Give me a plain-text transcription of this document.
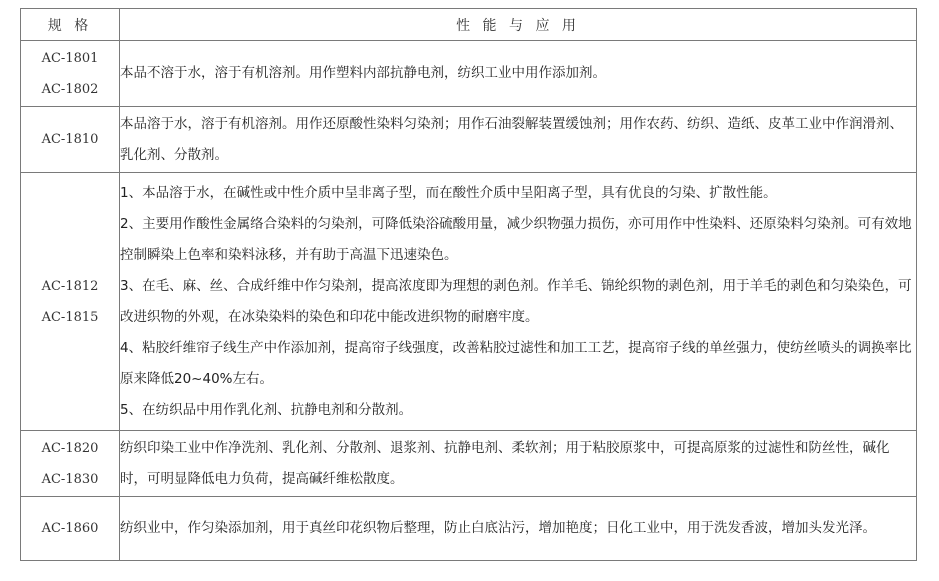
规 格	性 能 与 应 用

AC-1801
AC-1802	本品不溶于水，溶于有机溶剂。用作塑料内部抗静电剂，纺织工业中用作添加剂。

AC-1810	本品溶于水，溶于有机溶剂。用作还原酸性染料匀染剂；用作石油裂解装置缓蚀剂；用作农药、纺织、造纸、皮革工业中作润滑剂、乳化剂、分散剂。

AC-1812
AC-1815	1、本品溶于水，在碱性或中性介质中呈非离子型，而在酸性介质中呈阳离子型，具有优良的匀染、扩散性能。
2、主要用作酸性金属络合染料的匀染剂，可降低染浴硫酸用量，减少织物强力损伤，亦可用作中性染料、还原染料匀染剂。可有效地控制瞬染上色率和染料泳移，并有助于高温下迅速染色。
3、在毛、麻、丝、合成纤维中作匀染剂，提高浓度即为理想的剥色剂。作羊毛、锦纶织物的剥色剂，用于羊毛的剥色和匀染染色，可改进织物的外观，在冰染染料的染色和印花中能改进织物的耐磨牢度。
4、粘胶纤维帘子线生产中作添加剂，提高帘子线强度，改善粘胶过滤性和加工工艺，提高帘子线的单丝强力，使纺丝喷头的调换率比原来降低20~40%左右。
5、在纺织品中用作乳化剂、抗静电剂和分散剂。

AC-1820
AC-1830	纺织印染工业中作净洗剂、乳化剂、分散剂、退浆剂、抗静电剂、柔软剂；用于粘胶原浆中，可提高原浆的过滤性和防丝性，碱化时，可明显降低电力负荷，提高碱纤维松散度。

AC-1860	纺织业中，作匀染添加剂，用于真丝印花织物后整理，防止白底沾污，增加艳度；日化工业中，用于洗发香波，增加头发光泽。
